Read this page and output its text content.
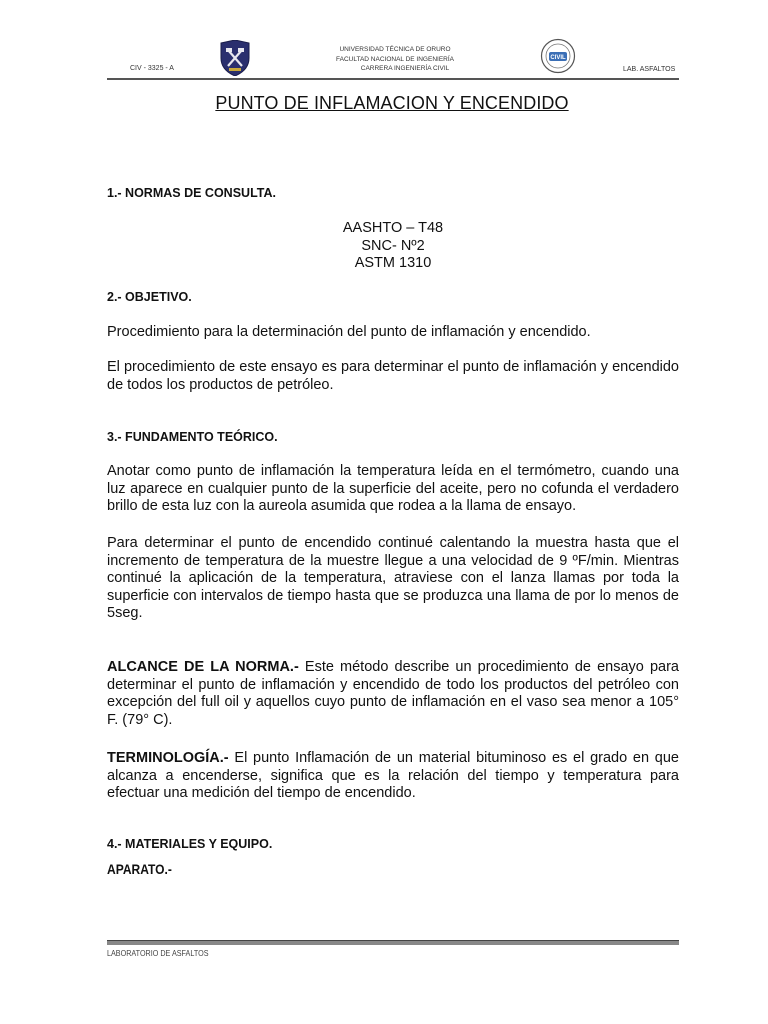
CIV - 3325 - A
UNIVERSIDAD TÉCNICA DE ORURO
FACULTAD NACIONAL DE INGENIERÍA
CARRERA INGENIERÍA CIVIL
CIVIL
LAB. ASFALTOS
PUNTO DE INFLAMACION Y ENCENDIDO
1.- NORMAS DE CONSULTA.
AASHTO – T48
SNC- Nº2
ASTM 1310
2.- OBJETIVO.
Procedimiento para la determinación del punto de inflamación y encendido.
El procedimiento de este ensayo es para determinar el punto de inflamación y encendido de todos los productos de petróleo.
3.- FUNDAMENTO TEÓRICO.
Anotar como punto de inflamación la temperatura leída en el termómetro, cuando una luz aparece en cualquier punto de la superficie del aceite, pero no cofunda el verdadero brillo de esta luz con la aureola asumida que rodea a la llama de ensayo.
Para determinar el punto de encendido continué calentando la muestra hasta que el incremento de temperatura de la muestre llegue a una velocidad de 9 ºF/min. Mientras continué la aplicación de la temperatura, atraviese con el lanza llamas por toda la superficie con intervalos de tiempo hasta que se produzca una llama de por lo menos de 5seg.
ALCANCE DE LA NORMA.- Este método describe un procedimiento de ensayo para determinar el punto de inflamación y encendido de todo los productos del petróleo con excepción del full oil y aquellos cuyo punto de inflamación en el vaso sea menor a 105° F. (79° C).
TERMINOLOGÍA.- El punto Inflamación de un material bituminoso es el grado en que alcanza a encenderse, significa que es la relación del tiempo y temperatura para efectuar una medición del tiempo de encendido.
4.- MATERIALES Y EQUIPO.
APARATO.-
LABORATORIO DE ASFALTOS
